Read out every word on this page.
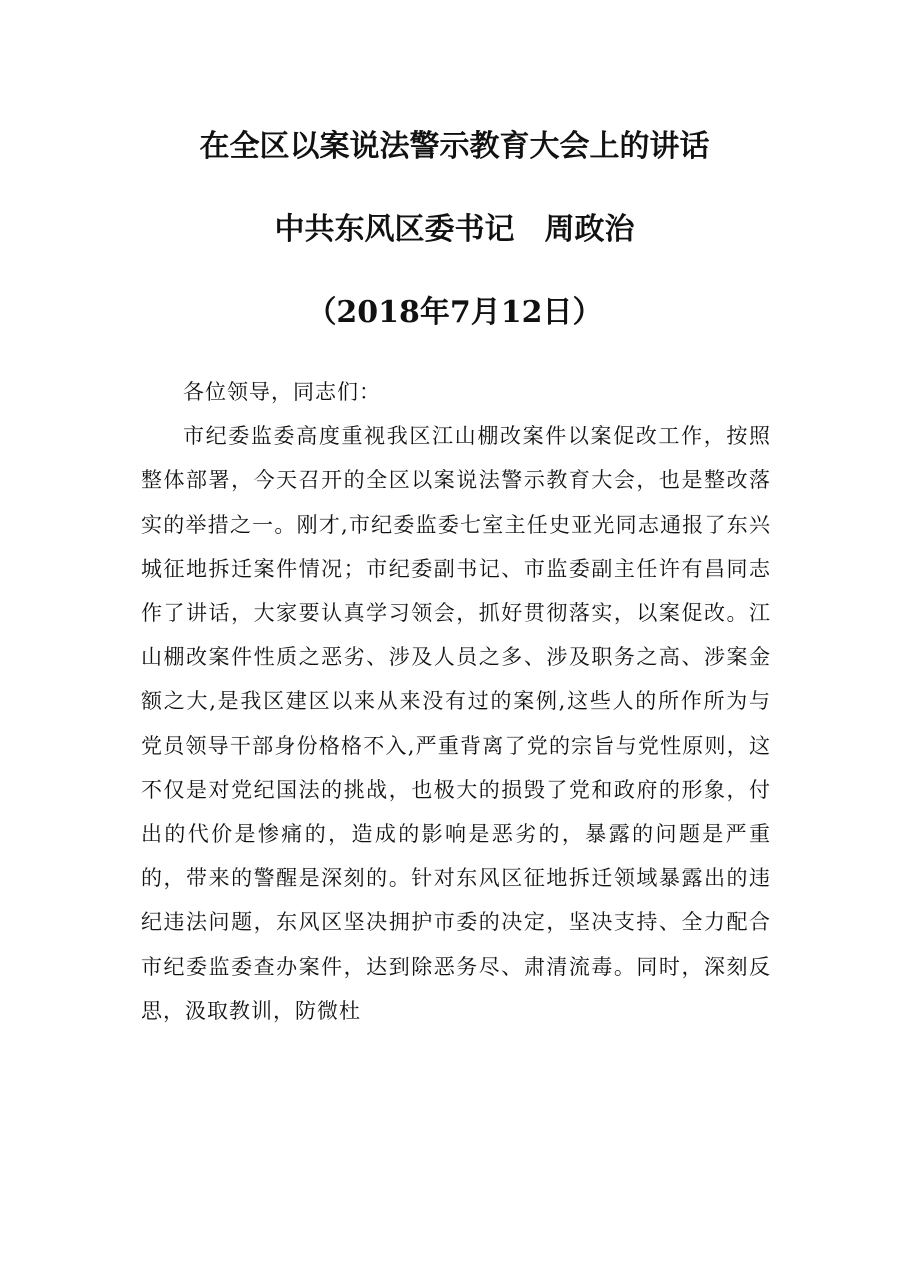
在全区以案说法警示教育大会上的讲话
中共东风区委书记 周政治
（2018年7月12日）

各位领导，同志们：

市纪委监委高度重视我区江山棚改案件以案促改工作，按照整体部署，今天召开的全区以案说法警示教育大会，也是整改落实的举措之一。刚才,市纪委监委七室主任史亚光同志通报了东兴城征地拆迁案件情况；市纪委副书记、市监委副主任许有昌同志作了讲话，大家要认真学习领会，抓好贯彻落实，以案促改。江山棚改案件性质之恶劣、涉及人员之多、涉及职务之高、涉案金额之大,是我区建区以来从来没有过的案例,这些人的所作所为与党员领导干部身份格格不入,严重背离了党的宗旨与党性原则，这不仅是对党纪国法的挑战，也极大的损毁了党和政府的形象，付出的代价是惨痛的，造成的影响是恶劣的，暴露的问题是严重的，带来的警醒是深刻的。针对东风区征地拆迁领域暴露出的违纪违法问题，东风区坚决拥护市委的决定，坚决支持、全力配合市纪委监委查办案件，达到除恶务尽、肃清流毒。同时，深刻反思，汲取教训，防微杜
